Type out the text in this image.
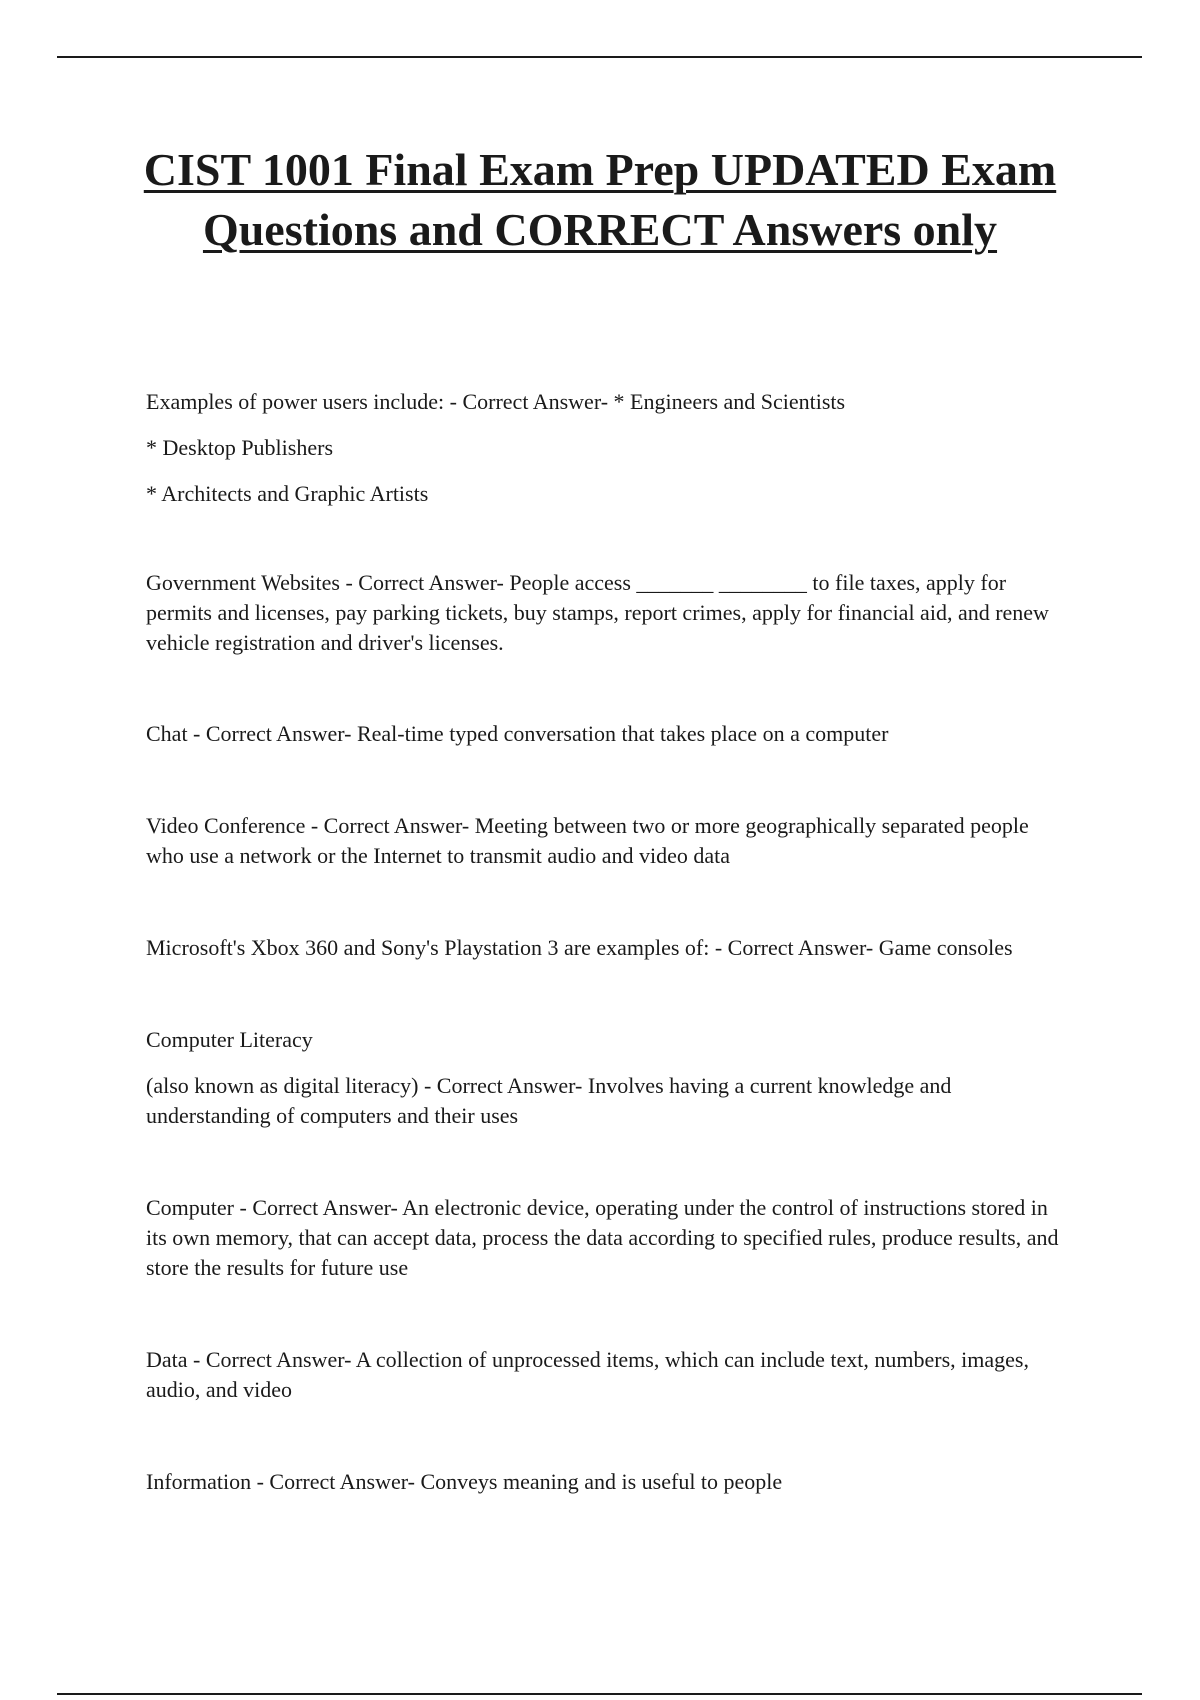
CIST 1001 Final Exam Prep UPDATED Exam Questions and CORRECT Answers only

Examples of power users include: - Correct Answer- * Engineers and Scientists

* Desktop Publishers

* Architects and Graphic Artists

Government Websites - Correct Answer- People access _______ ________ to file taxes, apply for permits and licenses, pay parking tickets, buy stamps, report crimes, apply for financial aid, and renew vehicle registration and driver's licenses.

Chat - Correct Answer- Real-time typed conversation that takes place on a computer

Video Conference - Correct Answer- Meeting between two or more geographically separated people who use a network or the Internet to transmit audio and video data

Microsoft's Xbox 360 and Sony's Playstation 3 are examples of: - Correct Answer- Game consoles

Computer Literacy

(also known as digital literacy) - Correct Answer- Involves having a current knowledge and understanding of computers and their uses

Computer - Correct Answer- An electronic device, operating under the control of instructions stored in its own memory, that can accept data, process the data according to specified rules, produce results, and store the results for future use

Data - Correct Answer- A collection of unprocessed items, which can include text, numbers, images, audio, and video

Information - Correct Answer- Conveys meaning and is useful to people
